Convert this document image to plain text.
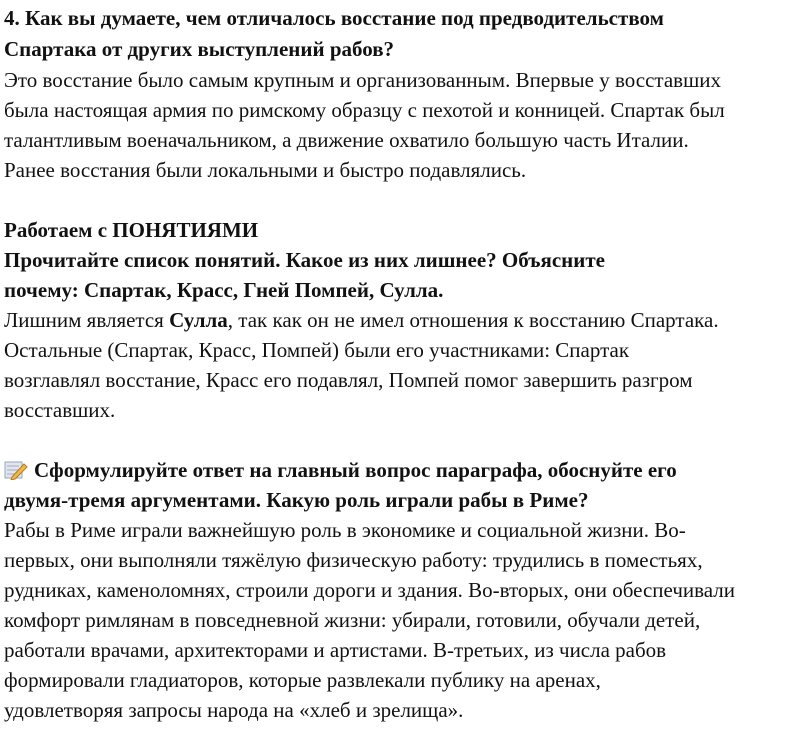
4. Как вы думаете, чем отличалось восстание под предводительством
Спартака от других выступлений рабов?
Это восстание было самым крупным и организованным. Впервые у восставших
была настоящая армия по римскому образцу с пехотой и конницей. Спартак был
талантливым военачальником, а движение охватило большую часть Италии.
Ранее восстания были локальными и быстро подавлялись.
Работаем с ПОНЯТИЯМИ
Прочитайте список понятий. Какое из них лишнее? Объясните
почему: Спартак, Красс, Гней Помпей, Сулла.
Лишним является Сулла, так как он не имел отношения к восстанию Спартака.
Остальные (Спартак, Красс, Помпей) были его участниками: Спартак
возглавлял восстание, Красс его подавлял, Помпей помог завершить разгром
восставших.
Сформулируйте ответ на главный вопрос параграфа, обоснуйте его
двумя-тремя аргументами. Какую роль играли рабы в Риме?
Рабы в Риме играли важнейшую роль в экономике и социальной жизни. Во-
первых, они выполняли тяжёлую физическую работу: трудились в поместьях,
рудниках, каменоломнях, строили дороги и здания. Во-вторых, они обеспечивали
комфорт римлянам в повседневной жизни: убирали, готовили, обучали детей,
работали врачами, архитекторами и артистами. В-третьих, из числа рабов
формировали гладиаторов, которые развлекали публику на аренах,
удовлетворяя запросы народа на «хлеб и зрелища».
